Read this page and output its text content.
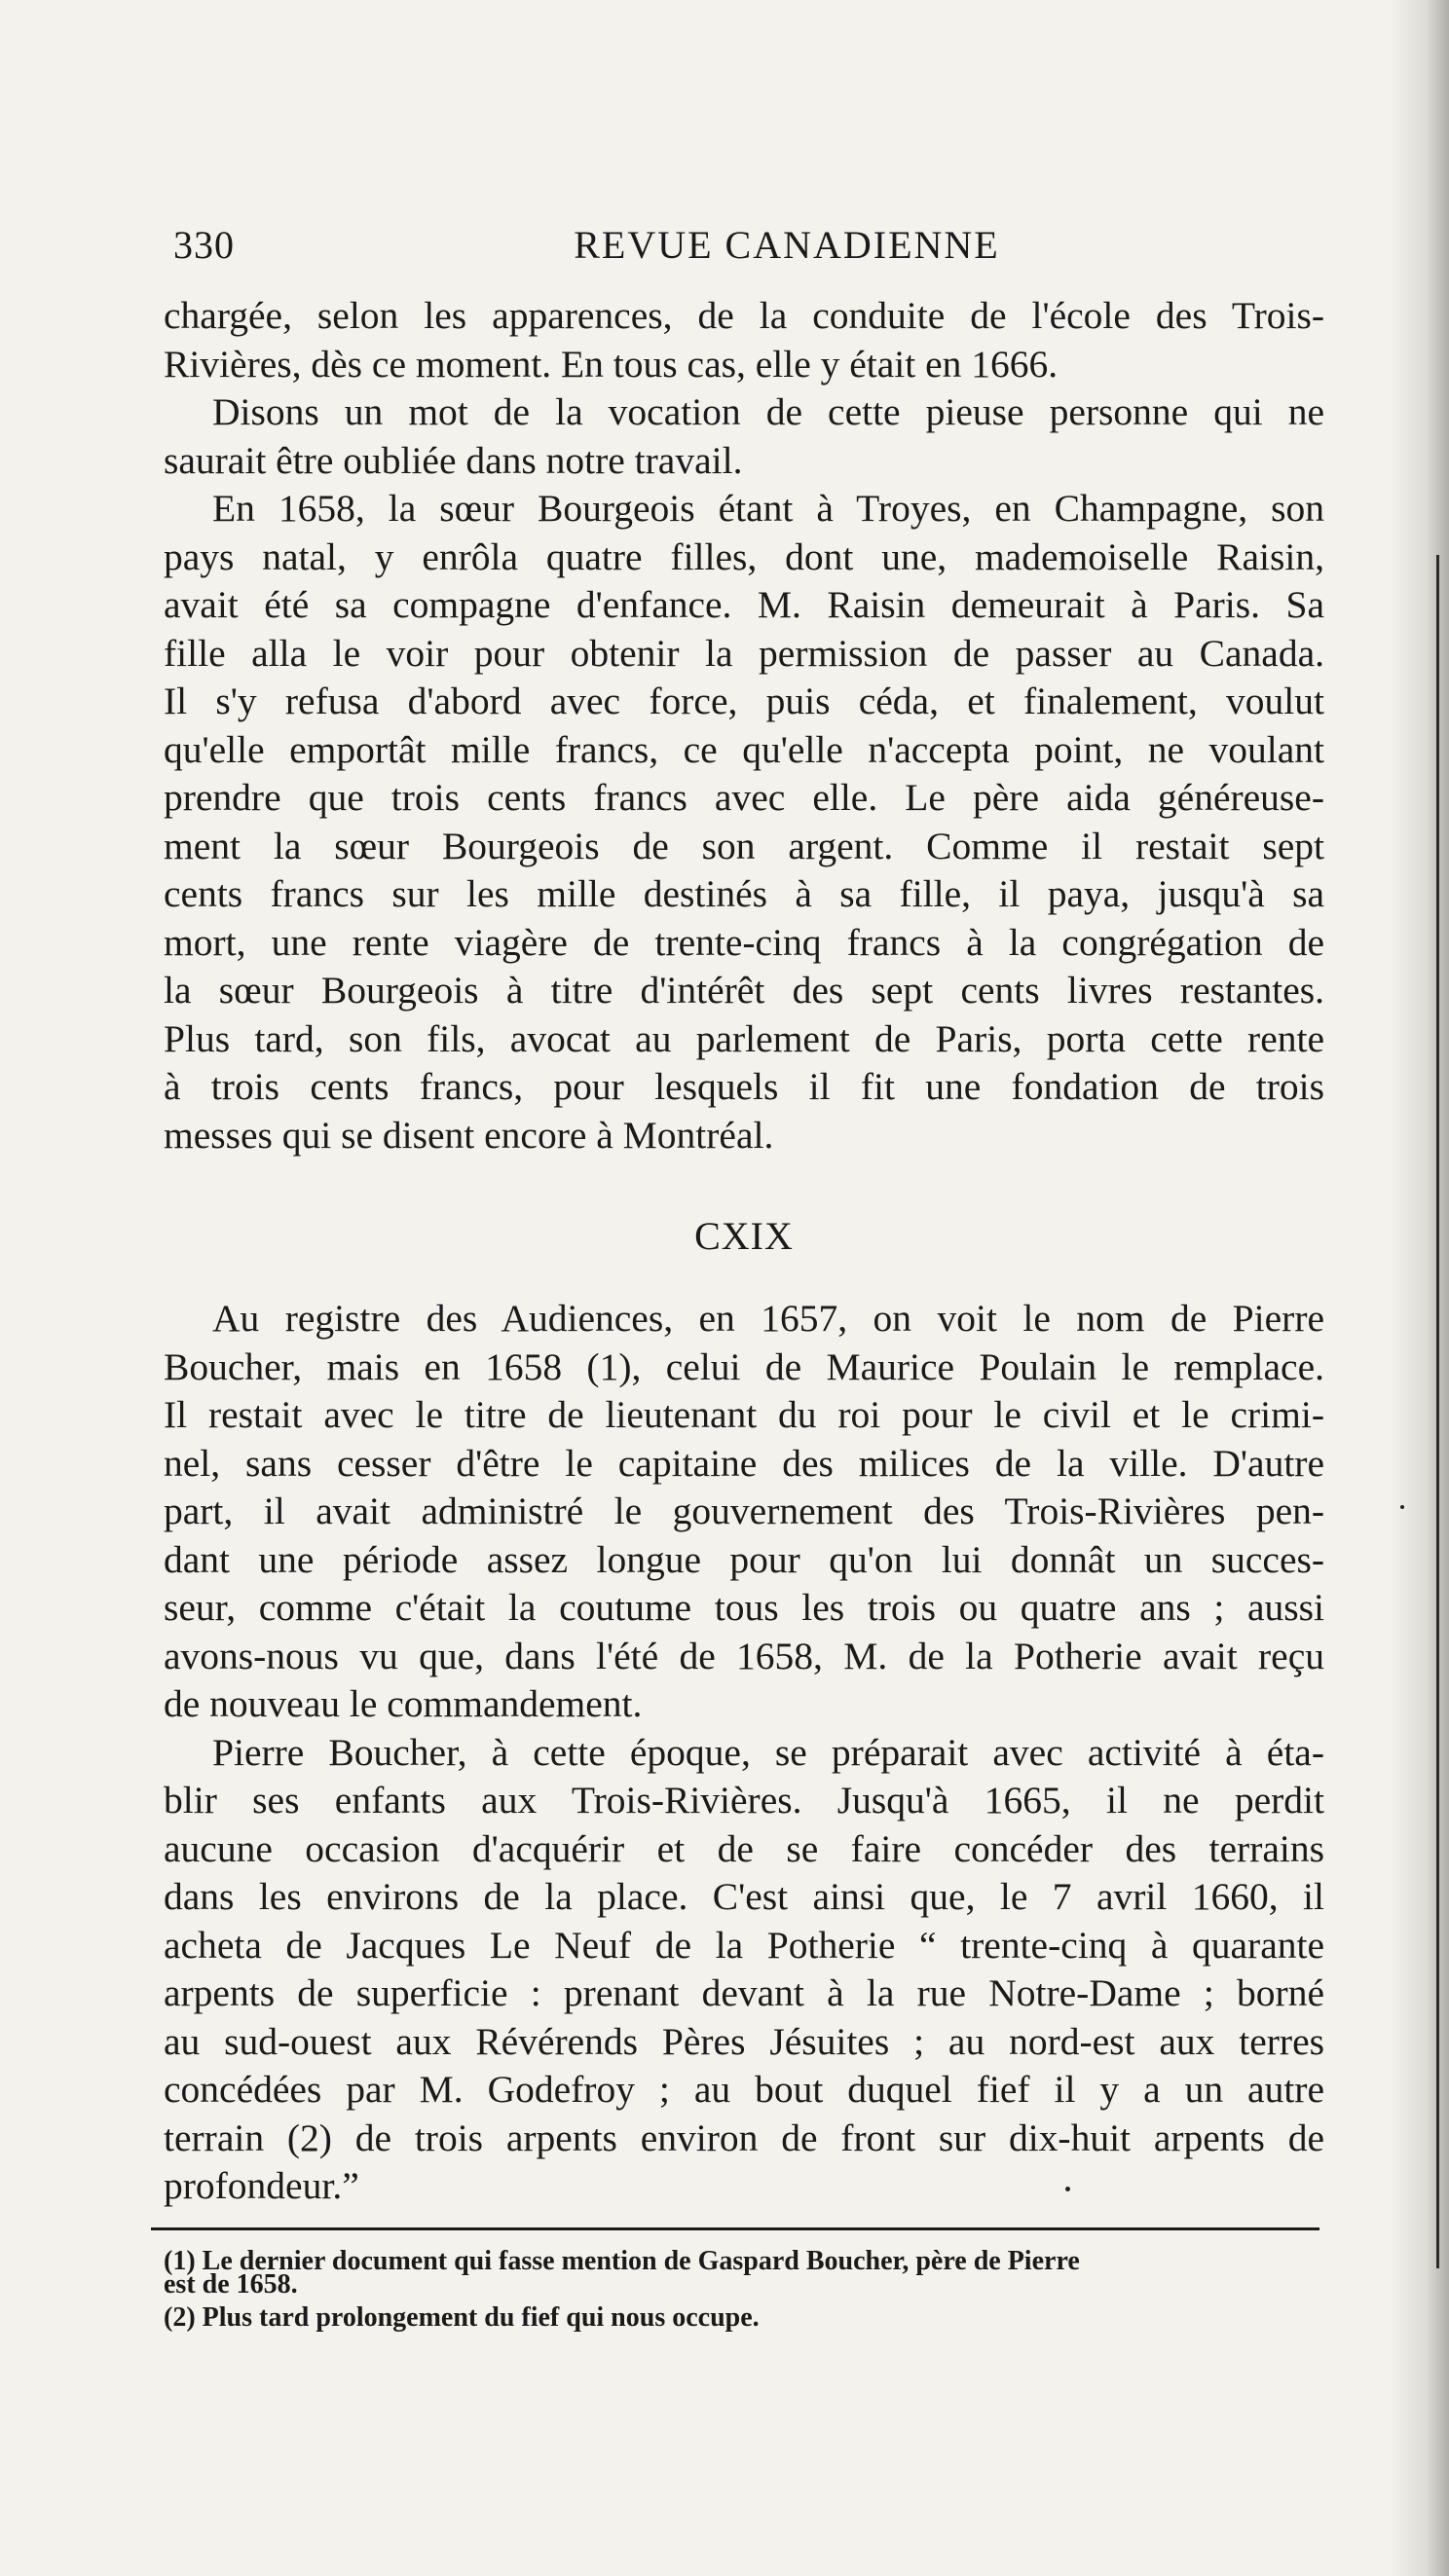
330	REVUE CANADIENNE

chargée, selon les apparences, de la conduite de l'école des Trois-
Rivières, dès ce moment. En tous cas, elle y était en 1666.

Disons un mot de la vocation de cette pieuse personne qui ne
saurait être oubliée dans notre travail.

En 1658, la sœur Bourgeois étant à Troyes, en Champagne, son
pays natal, y enrôla quatre filles, dont une, mademoiselle Raisin,
avait été sa compagne d'enfance. M. Raisin demeurait à Paris. Sa
fille alla le voir pour obtenir la permission de passer au Canada.
Il s'y refusa d'abord avec force, puis céda, et finalement, voulut
qu'elle emportât mille francs, ce qu'elle n'accepta point, ne voulant
prendre que trois cents francs avec elle. Le père aida généreuse-
ment la sœur Bourgeois de son argent. Comme il restait sept
cents francs sur les mille destinés à sa fille, il paya, jusqu'à sa
mort, une rente viagère de trente-cinq francs à la congrégation de
la sœur Bourgeois à titre d'intérêt des sept cents livres restantes.
Plus tard, son fils, avocat au parlement de Paris, porta cette rente
à trois cents francs, pour lesquels il fit une fondation de trois
messes qui se disent encore à Montréal.

CXIX

Au registre des Audiences, en 1657, on voit le nom de Pierre
Boucher, mais en 1658 (1), celui de Maurice Poulain le remplace.
Il restait avec le titre de lieutenant du roi pour le civil et le crimi-
nel, sans cesser d'être le capitaine des milices de la ville. D'autre
part, il avait administré le gouvernement des Trois-Rivières pen-
dant une période assez longue pour qu'on lui donnât un succes-
seur, comme c'était la coutume tous les trois ou quatre ans ; aussi
avons-nous vu que, dans l'été de 1658, M. de la Potherie avait reçu
de nouveau le commandement.

Pierre Boucher, à cette époque, se préparait avec activité à éta-
blir ses enfants aux Trois-Rivières. Jusqu'à 1665, il ne perdit
aucune occasion d'acquérir et de se faire concéder des terrains
dans les environs de la place. C'est ainsi que, le 7 avril 1660, il
acheta de Jacques Le Neuf de la Potherie “ trente-cinq à quarante
arpents de superficie : prenant devant à la rue Notre-Dame ; borné
au sud-ouest aux Révérends Pères Jésuites ; au nord-est aux terres
concédées par M. Godefroy ; au bout duquel fief il y a un autre
terrain (2) de trois arpents environ de front sur dix-huit arpents de
profondeur.”

(1) Le dernier document qui fasse mention de Gaspard Boucher, père de Pierre
est de 1658.
(2) Plus tard prolongement du fief qui nous occupe.
